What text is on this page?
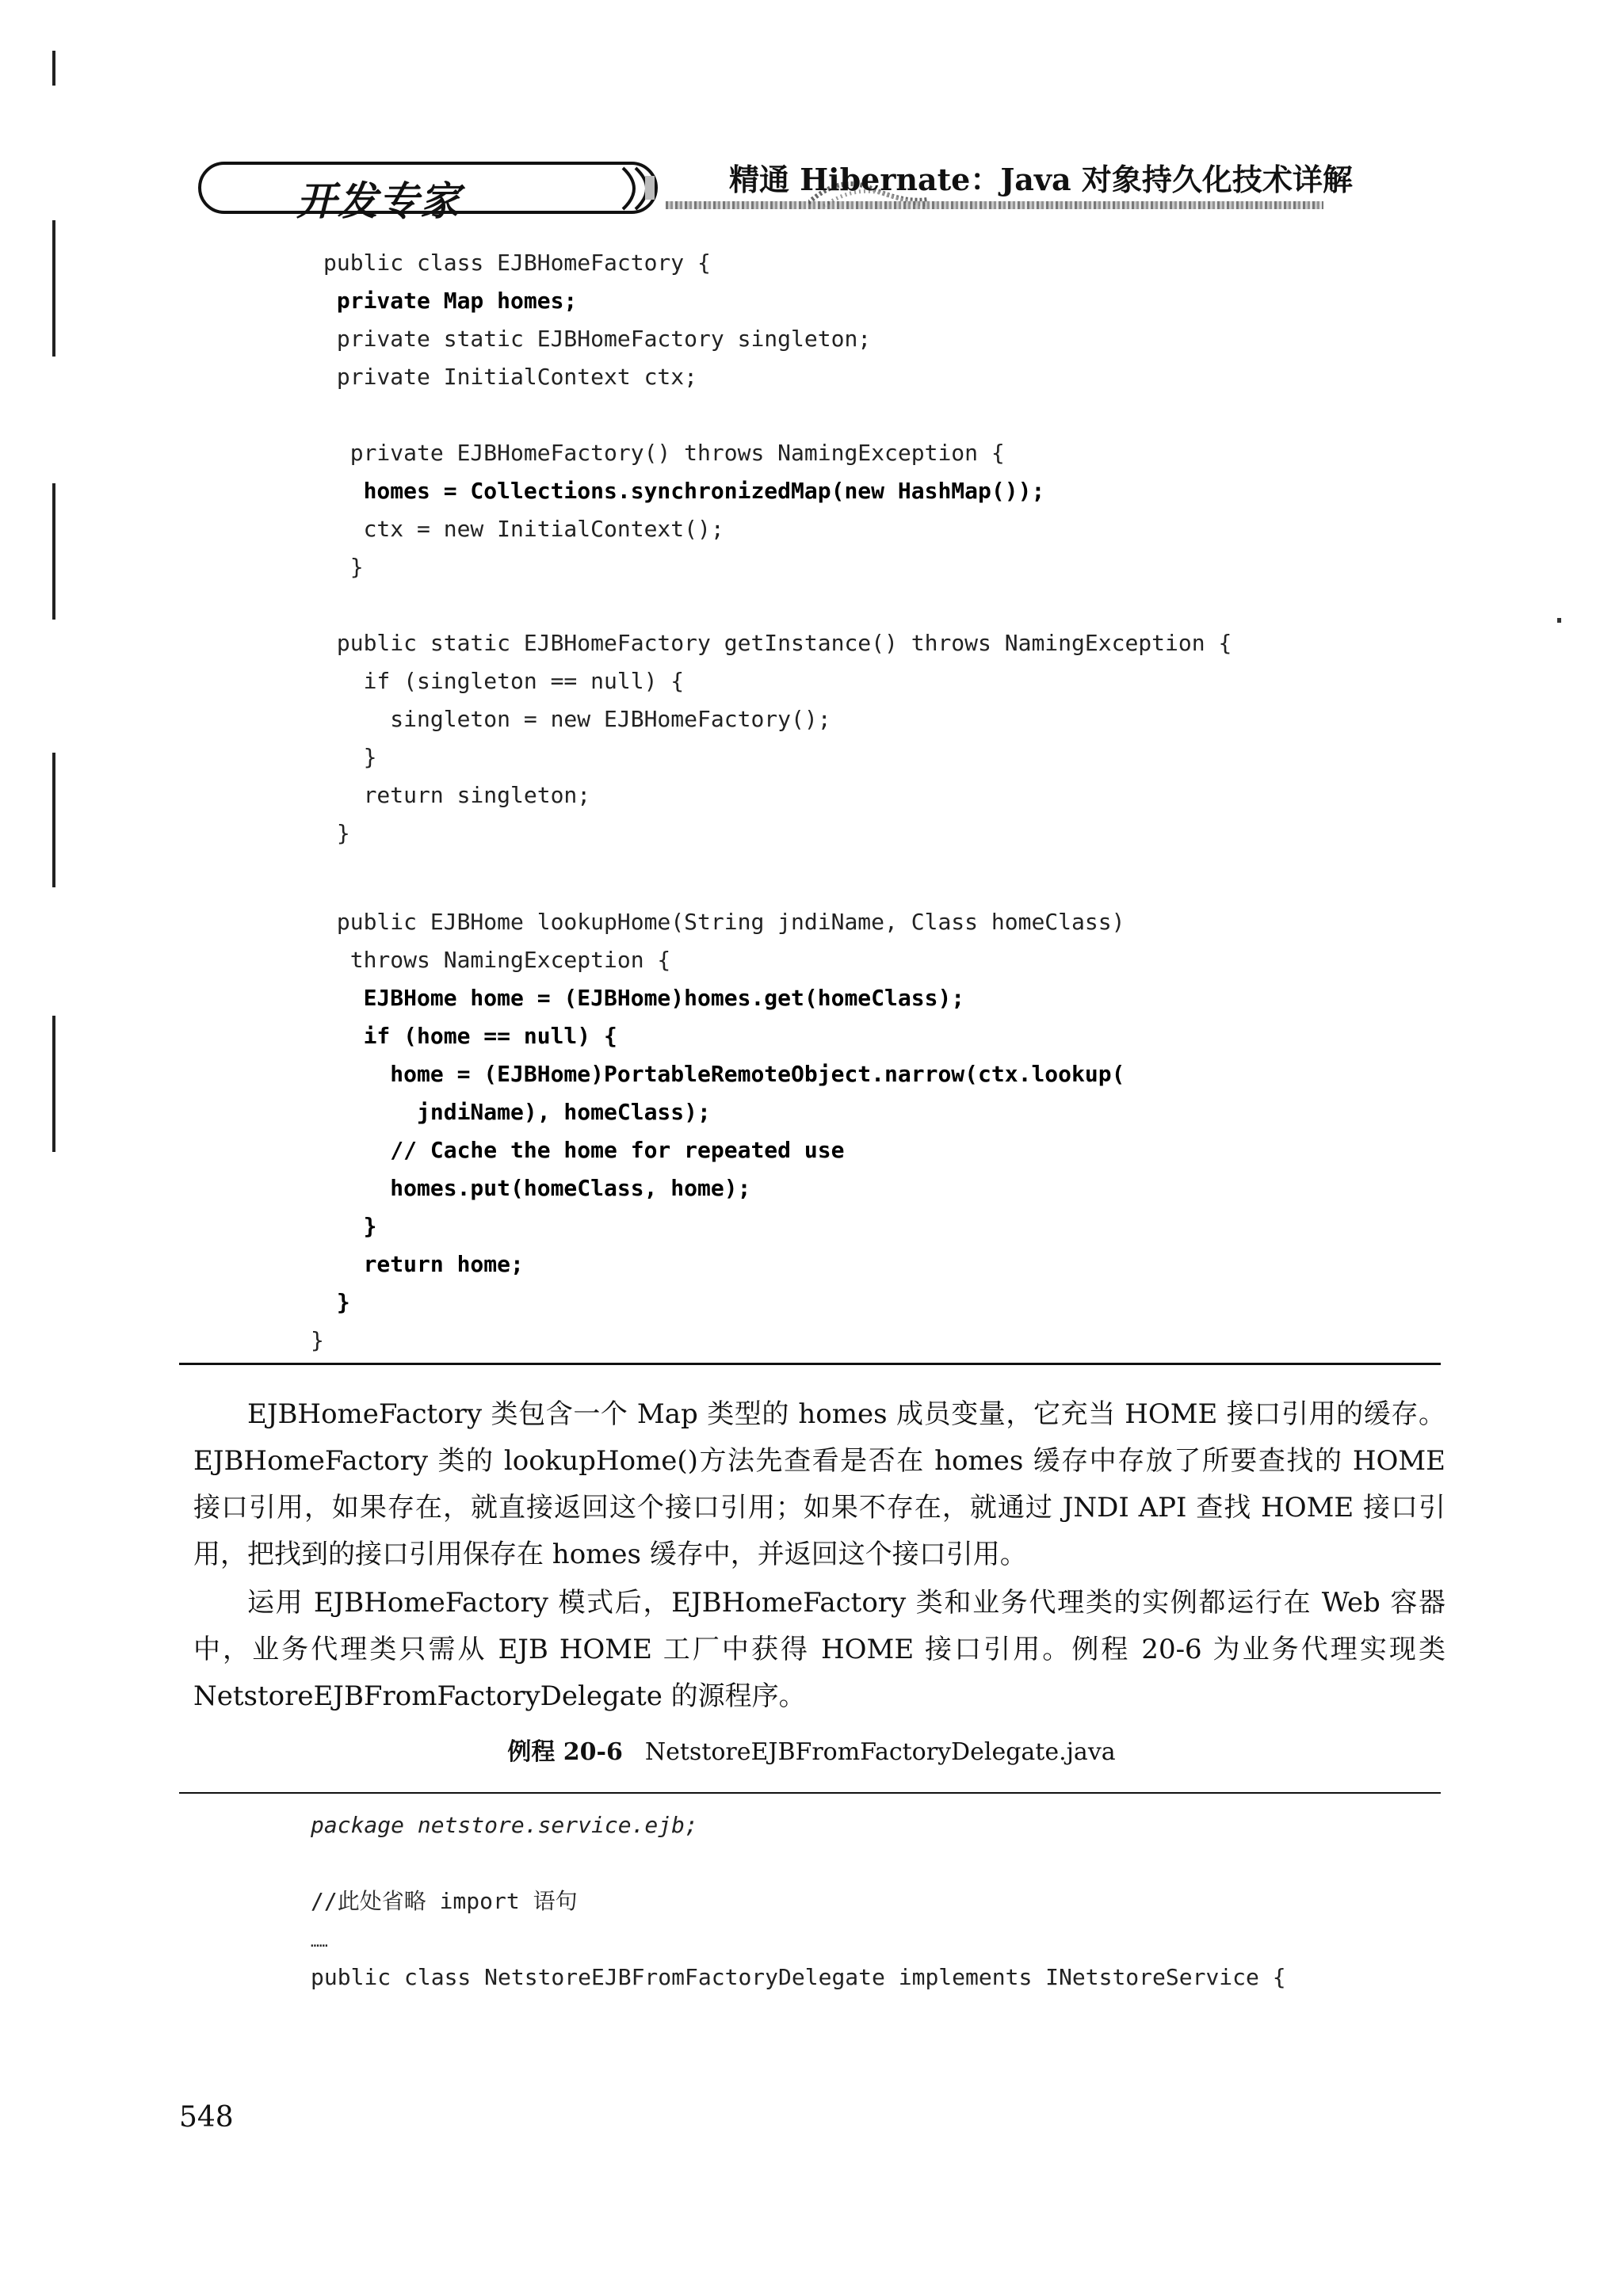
开发专家	精通 Hibernate：Java 对象持久化技术详解
public class EJBHomeFactory {
private Map homes;
private static EJBHomeFactory singleton;
private InitialContext ctx;
private EJBHomeFactory() throws NamingException {
homes = Collections.synchronizedMap(new HashMap());
ctx = new InitialContext();
}
public static EJBHomeFactory getInstance() throws NamingException {
if (singleton == null) {
singleton = new EJBHomeFactory();
}
return singleton;
}
public EJBHome lookupHome(String jndiName, Class homeClass)
throws NamingException {
EJBHome home = (EJBHome)homes.get(homeClass);
if (home == null) {
home = (EJBHome)PortableRemoteObject.narrow(ctx.lookup(
jndiName), homeClass);
// Cache the home for repeated use
homes.put(homeClass, home);
}
return home;
}
}
EJBHomeFactory 类包含一个 Map 类型的 homes 成员变量，它充当 HOME 接口引用的缓存。EJBHomeFactory 类的 lookupHome()方法先查看是否在 homes 缓存中存放了所要查找的 HOME 接口引用，如果存在，就直接返回这个接口引用；如果不存在，就通过 JNDI API 查找 HOME 接口引用，把找到的接口引用保存在 homes 缓存中，并返回这个接口引用。
运用 EJBHomeFactory 模式后，EJBHomeFactory 类和业务代理类的实例都运行在 Web 容器中，业务代理类只需从 EJB HOME 工厂中获得 HOME 接口引用。例程 20-6 为业务代理实现类 NetstoreEJBFromFactoryDelegate 的源程序。
例程 20-6 NetstoreEJBFromFactoryDelegate.java
package netstore.service.ejb;
//此处省略 import 语句
……
public class NetstoreEJBFromFactoryDelegate implements INetstoreService {
548
